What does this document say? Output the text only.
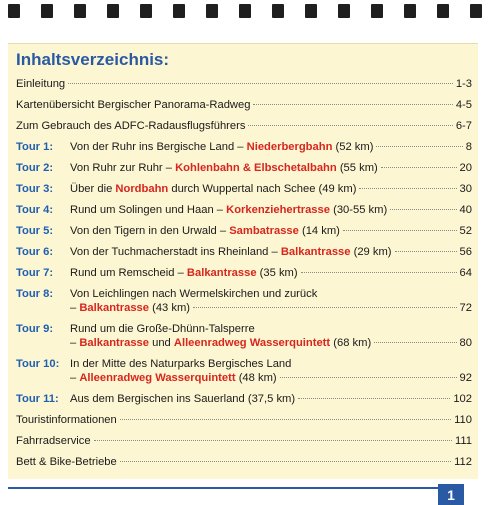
Inhaltsverzeichnis:
Einleitung	1-3
Kartenübersicht Bergischer Panorama-Radweg	4-5
Zum Gebrauch des ADFC-Radausflugsführers	6-7
Tour 1:	Von der Ruhr ins Bergische Land – Niederbergbahn (52 km)	8
Tour 2:	Von Ruhr zur Ruhr – Kohlenbahn & Elbschetalbahn (55 km)	20
Tour 3:	Über die Nordbahn durch Wuppertal nach Schee (49 km)	30
Tour 4:	Rund um Solingen und Haan – Korkenziehertrasse (30-55 km)	40
Tour 5:	Von den Tigern in den Urwald – Sambatrasse (14 km)	52
Tour 6:	Von der Tuchmacherstadt ins Rheinland – Balkantrasse (29 km)	56
Tour 7:	Rund um Remscheid – Balkantrasse (35 km)	64
Tour 8:	Von Leichlingen nach Wermelskirchen und zurück
– Balkantrasse (43 km)	72
Tour 9:	Rund um die Große-Dhünn-Talsperre
– Balkantrasse und Alleenradweg Wasserquintett (68 km)	80
Tour 10: In der Mitte des Naturparks Bergisches Land
– Alleenradweg Wasserquintett (48 km)	92
Tour 11:	Aus dem Bergischen ins Sauerland (37,5 km)	102
Touristinformationen	110
Fahrradservice	111
Bett & Bike-Betriebe	112
1
